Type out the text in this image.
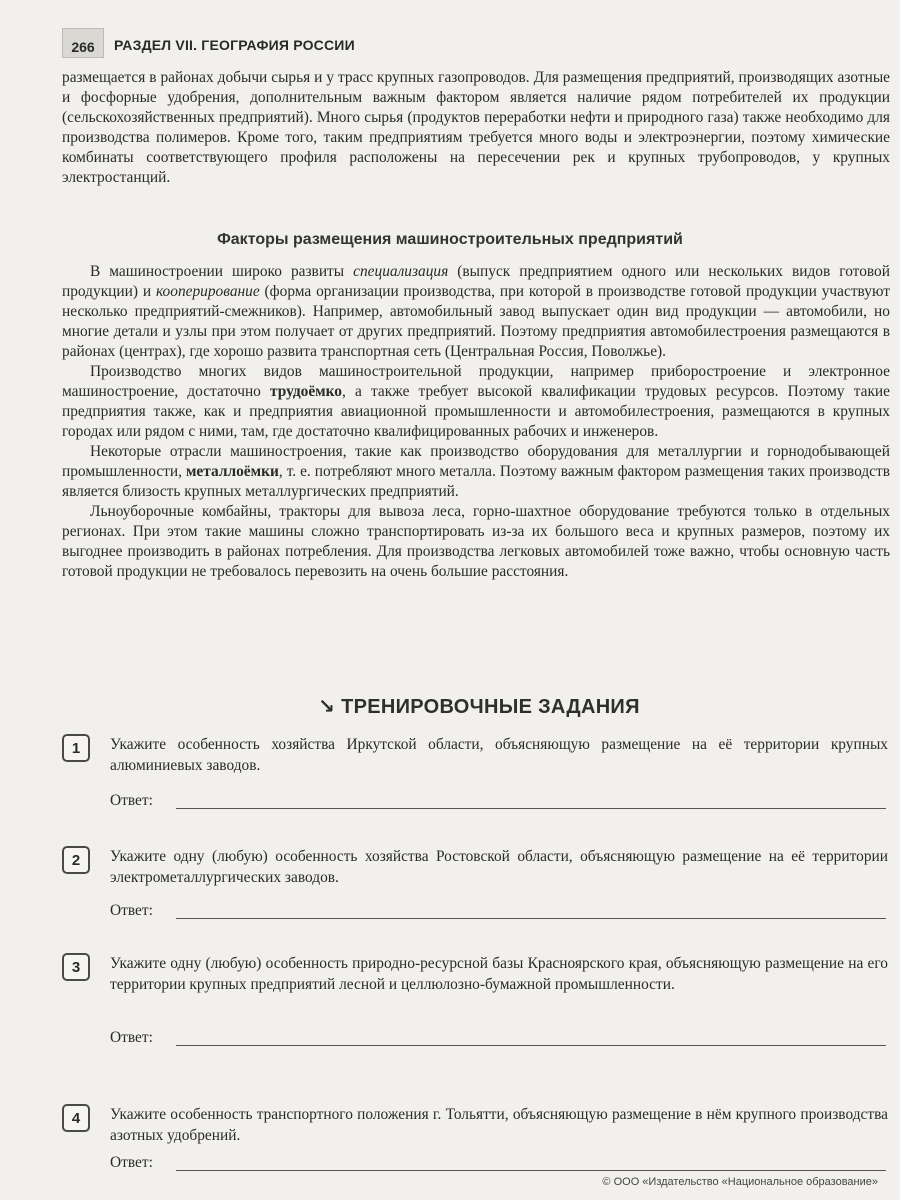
266	РАЗДЕЛ VII. ГЕОГРАФИЯ РОССИИ

размещается в районах добычи сырья и у трасс крупных газопроводов. Для размещения предприятий, производящих азотные и фосфорные удобрения, дополнительным важным фактором является наличие рядом потребителей их продукции (сельскохозяйственных предприятий). Много сырья (продуктов переработки нефти и природного газа) также необходимо для производства полимеров. Кроме того, таким предприятиям требуется много воды и электроэнергии, поэтому химические комбинаты соответствующего профиля расположены на пересечении рек и крупных трубопроводов, у крупных электростанций.

Факторы размещения машиностроительных предприятий

В машиностроении широко развиты специализация (выпуск предприятием одного или нескольких видов готовой продукции) и кооперирование (форма организации производства, при которой в производстве готовой продукции участвуют несколько предприятий-смежников). Например, автомобильный завод выпускает один вид продукции — автомобили, но многие детали и узлы при этом получает от других предприятий. Поэтому предприятия автомобилестроения размещаются в районах (центрах), где хорошо развита транспортная сеть (Центральная Россия, Поволжье).

Производство многих видов машиностроительной продукции, например приборостроение и электронное машиностроение, достаточно трудоёмко, а также требует высокой квалификации трудовых ресурсов. Поэтому такие предприятия также, как и предприятия авиационной промышленности и автомобилестроения, размещаются в крупных городах или рядом с ними, там, где достаточно квалифицированных рабочих и инженеров.

Некоторые отрасли машиностроения, такие как производство оборудования для металлургии и горнодобывающей промышленности, металлоёмки, т. е. потребляют много металла. Поэтому важным фактором размещения таких производств является близость крупных металлургических предприятий.

Льноуборочные комбайны, тракторы для вывоза леса, горно-шахтное оборудование требуются только в отдельных регионах. При этом такие машины сложно транспортировать из-за их большого веса и крупных размеров, поэтому их выгоднее производить в районах потребления. Для производства легковых автомобилей тоже важно, чтобы основную часть готовой продукции не требовалось перевозить на очень большие расстояния.

↘ ТРЕНИРОВОЧНЫЕ ЗАДАНИЯ
1	Укажите особенность хозяйства Иркутской области, объясняющую размещение на её территории крупных алюминиевых заводов.
Ответ:
2	Укажите одну (любую) особенность хозяйства Ростовской области, объясняющую размещение на её территории электрометаллургических заводов.
Ответ:
3	Укажите одну (любую) особенность природно-ресурсной базы Красноярского края, объясняющую размещение на его территории крупных предприятий лесной и целлюлозно-бумажной промышленности.
Ответ:
4	Укажите особенность транспортного положения г. Тольятти, объясняющую размещение в нём крупного производства азотных удобрений.
Ответ:
© ООО «Издательство «Национальное образование»
